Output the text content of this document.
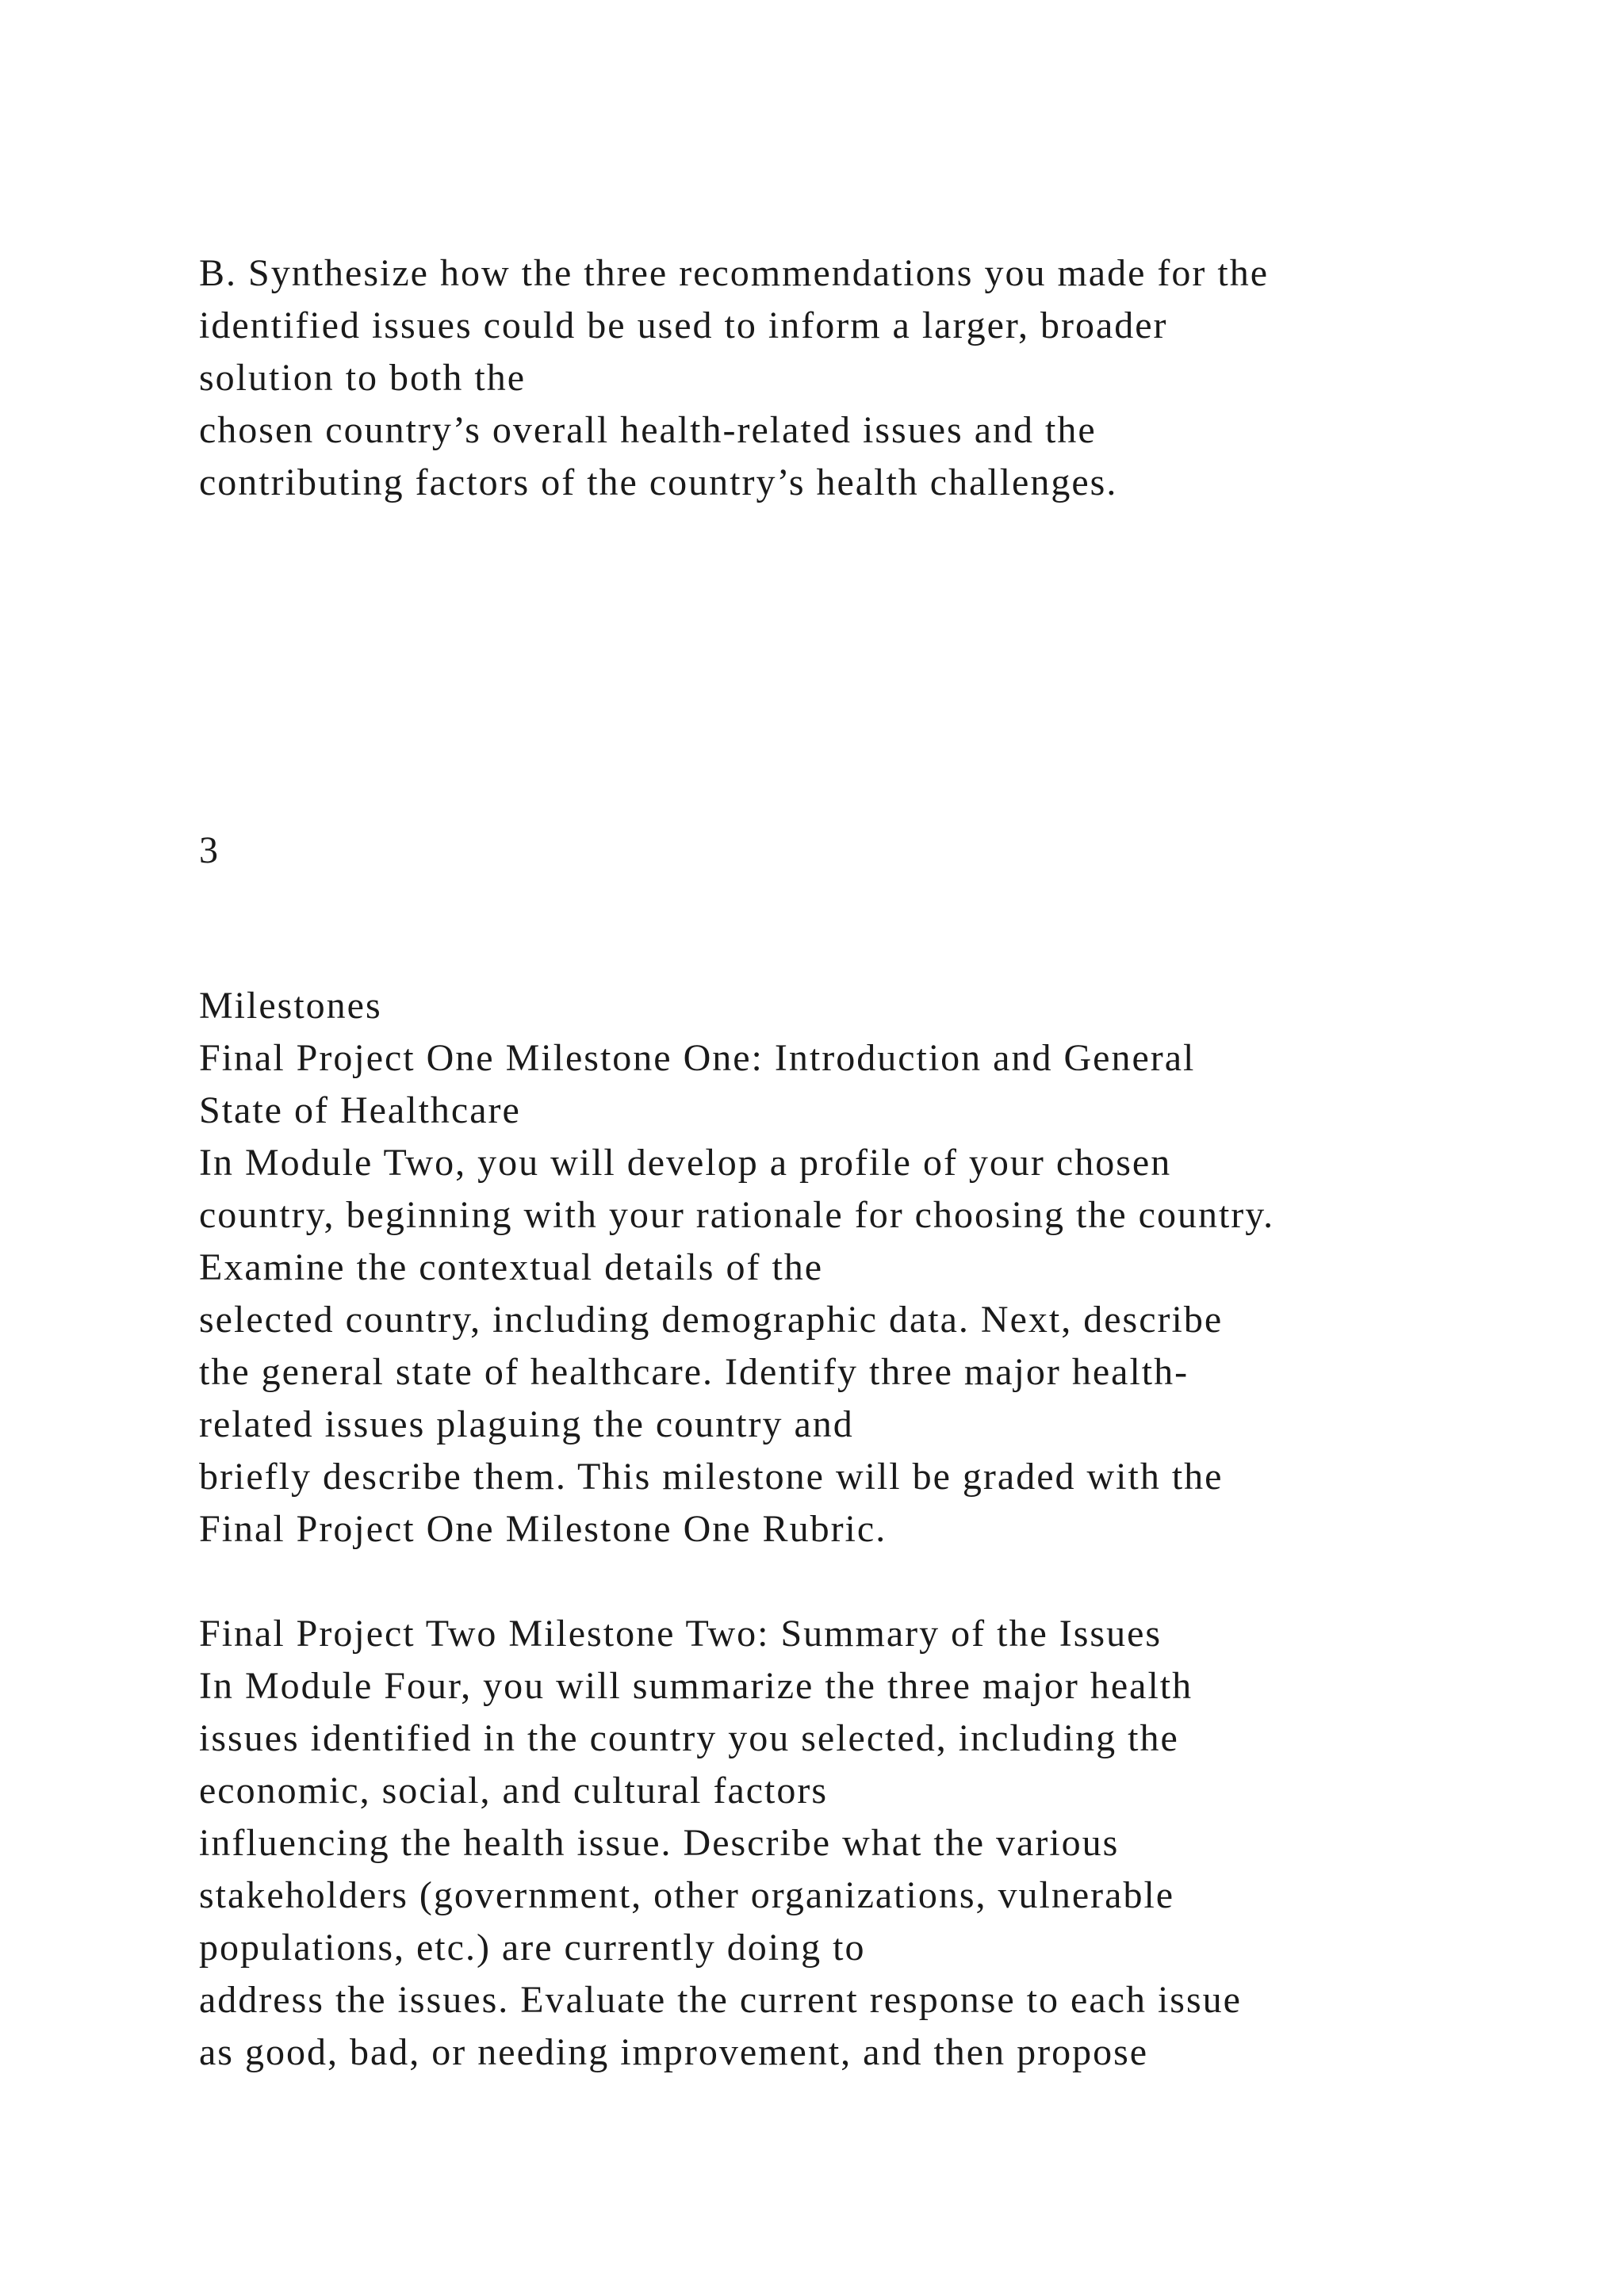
B. Synthesize how the three recommendations you made for the
identified issues could be used to inform a larger, broader
solution to both the
chosen country’s overall health-related issues and the
contributing factors of the country’s health challenges.
3
Milestones
Final Project One Milestone One: Introduction and General
State of Healthcare
In Module Two, you will develop a profile of your chosen
country, beginning with your rationale for choosing the country.
Examine the contextual details of the
selected country, including demographic data. Next, describe
the general state of healthcare. Identify three major health-
related issues plaguing the country and
briefly describe them. This milestone will be graded with the
Final Project One Milestone One Rubric.
Final Project Two Milestone Two: Summary of the Issues
In Module Four, you will summarize the three major health
issues identified in the country you selected, including the
economic, social, and cultural factors
influencing the health issue. Describe what the various
stakeholders (government, other organizations, vulnerable
populations, etc.) are currently doing to
address the issues. Evaluate the current response to each issue
as good, bad, or needing improvement, and then propose
